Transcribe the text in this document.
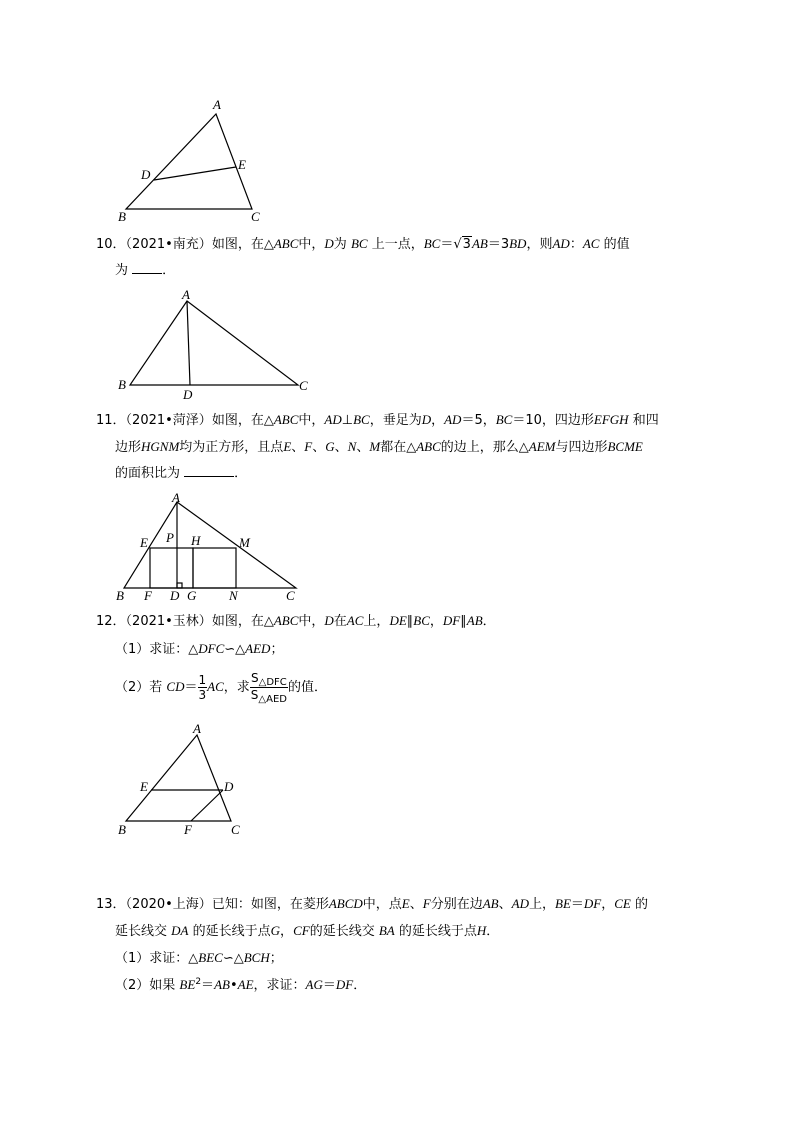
A
B	C
D
E
10．（2021•南充）如图，在△ABC中，D为 BC 上一点，BC＝√3AB＝3BD，则AD：AC 的值
为	．
A
B	C
D
11．（2021•菏泽）如图，在△ABC中，AD⊥BC，垂足为D，AD＝5，BC＝10，四边形EFGH 和四
边形HGNM均为正方形，且点E、F、G、N、M都在△ABC的边上，那么△AEM与四边形BCME
的面积比为	．
A
E P H	M
B F D G	N	C
12．（2021•玉林）如图，在△ABC中，D在AC上，DE∥BC，DF∥AB．
（1）求证：△DFC∽△AED；
（2）若 $CD= \frac{1}{3}$ AC，求 $\frac{S_{\triangle DFC}}{S_{\triangle AED}}$ 的值．
A
E	D
B	F	C
13．（2020•上海）已知：如图，在菱形ABCD中，点E、F分别在边AB、AD上，BE＝DF，CE 的
延长线交 DA 的延长线于点G，CF的延长线交 BA 的延长线于点H．
（1）求证：△BEC∽△BCH；
（2）如果 $BE^2=AB•AE$，求证：AG＝DF．
